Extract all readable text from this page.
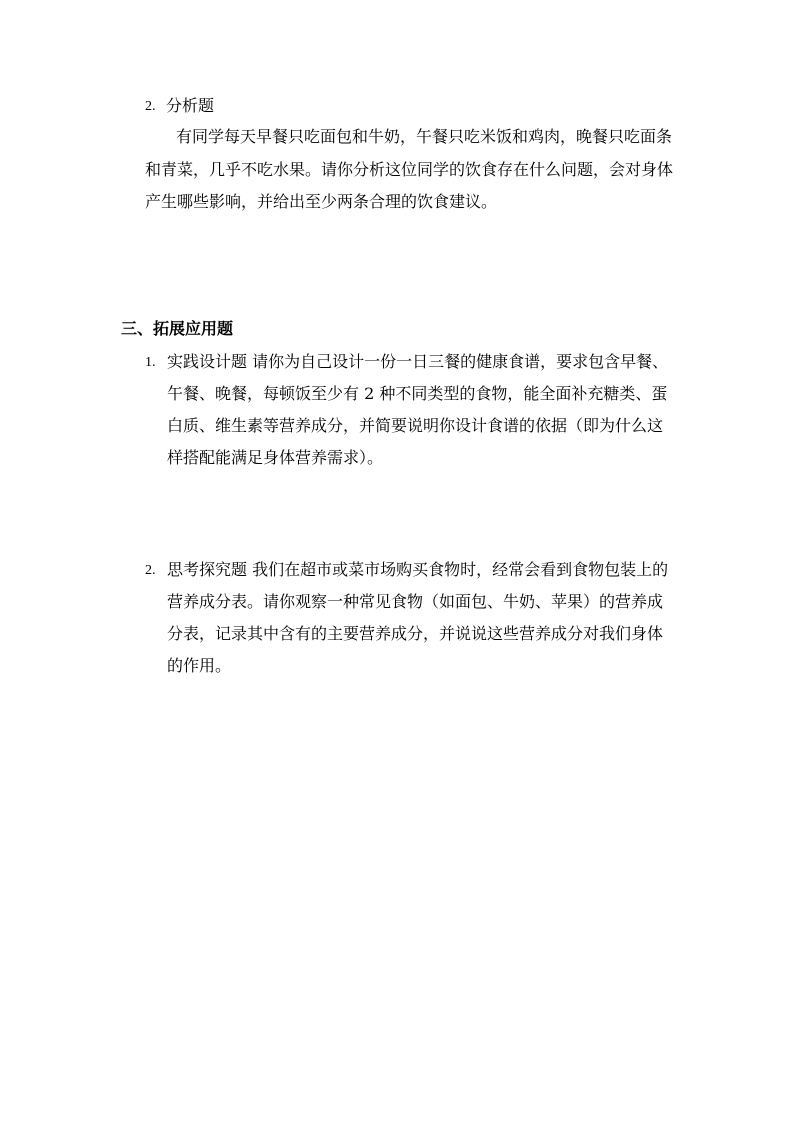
2. 分析题
有同学每天早餐只吃面包和牛奶，午餐只吃米饭和鸡肉，晚餐只吃面条
和青菜，几乎不吃水果。请你分析这位同学的饮食存在什么问题，会对身体
产生哪些影响，并给出至少两条合理的饮食建议。
三、拓展应用题
1. 实践设计题 请你为自己设计一份一日三餐的健康食谱，要求包含早餐、
午餐、晚餐，每顿饭至少有 2 种不同类型的食物，能全面补充糖类、蛋
白质、维生素等营养成分，并简要说明你设计食谱的依据（即为什么这
样搭配能满足身体营养需求）。
2. 思考探究题 我们在超市或菜市场购买食物时，经常会看到食物包装上的
营养成分表。请你观察一种常见食物（如面包、牛奶、苹果）的营养成
分表，记录其中含有的主要营养成分，并说说这些营养成分对我们身体
的作用。
